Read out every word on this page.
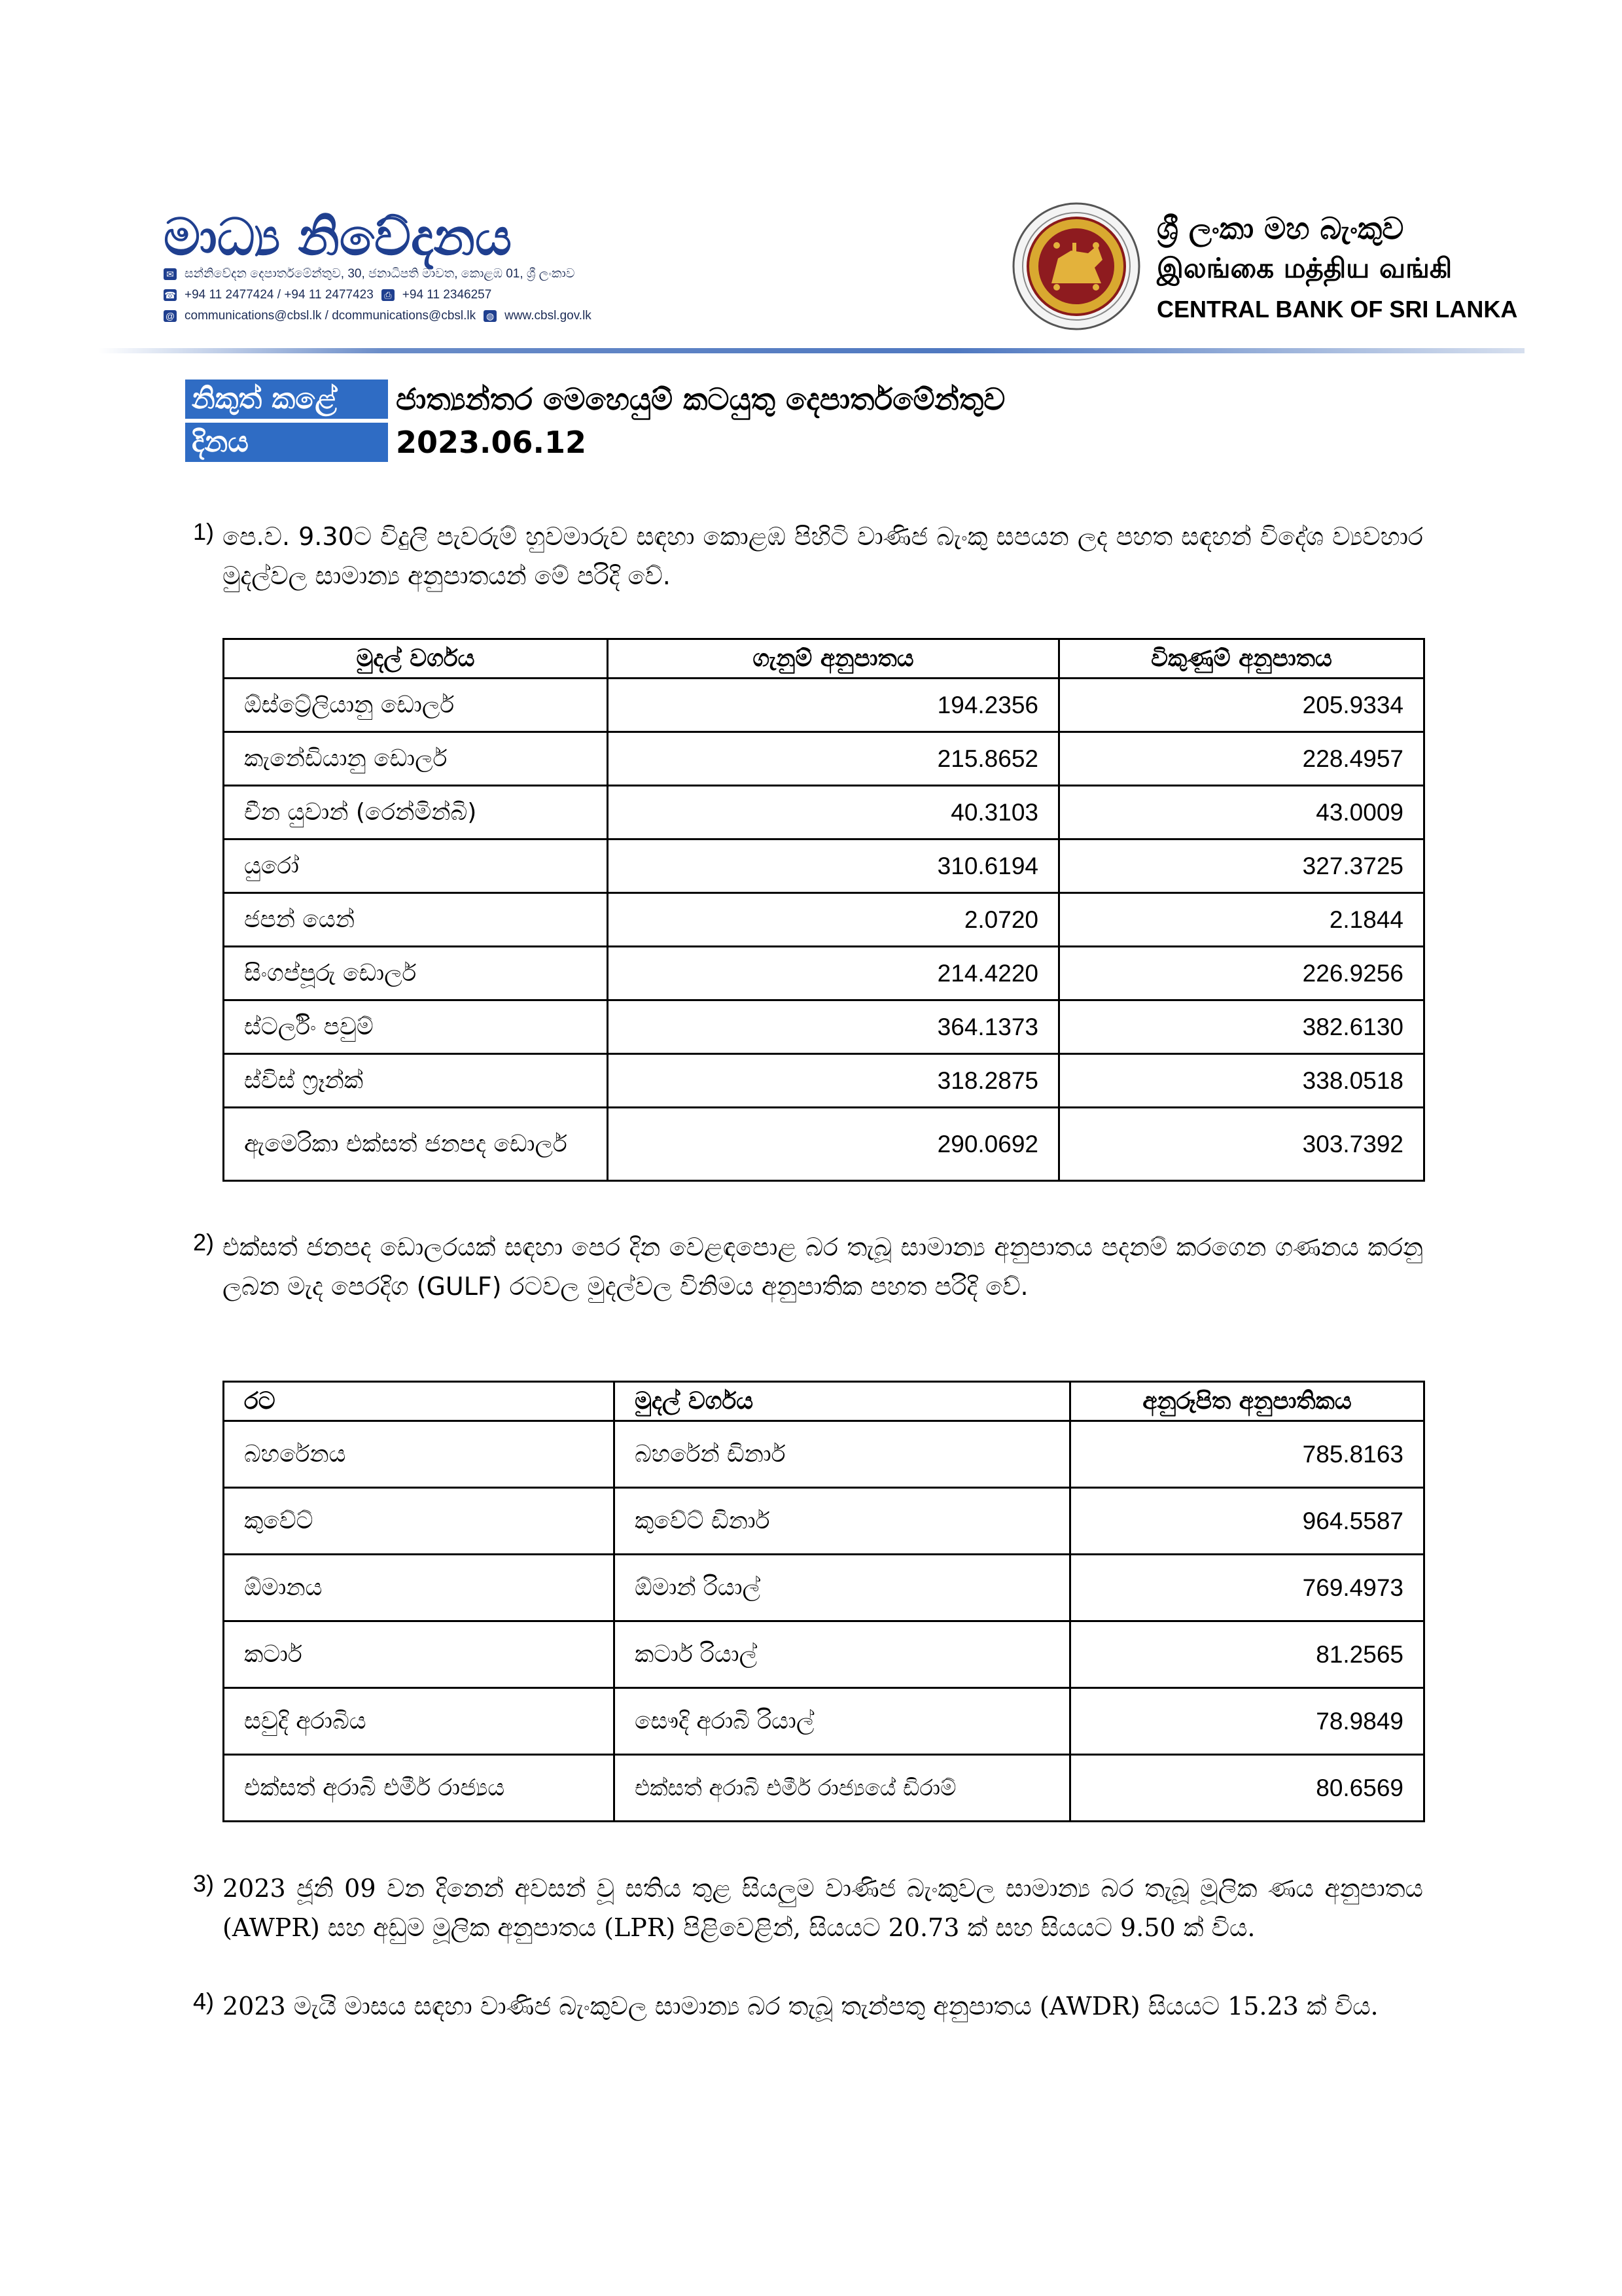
මාධ්‍ය නිවේදනය
✉ සන්නිවේදන දෙපාර්තමේන්තුව, 30, ජනාධිපති මාවත, කොළඹ 01, ශ්‍රී ලංකාව
☎ +94 11 2477424 / +94 11 2477423	⎙ +94 11 2346257
@ communications@cbsl.lk / dcommunications@cbsl.lk ◍ www.cbsl.gov.lk
ශ්‍රී ලංකා මහ බැංකුව
இலங்கை மத்திய வங்கி
CENTRAL BANK OF SRI LANKA
නිකුත් කළේ	ජාත්‍යන්තර මෙහෙයුම් කටයුතු දෙපාර්තමේන්තුව
දිනය	2023.06.12
1) පෙ.ව. 9.30ට විදුලි පැවරුම් හුවමාරුව සඳහා කොළඹ පිහිටි වාණිජ බැංකු සපයන ලද පහත සඳහන් විදේශ ව්‍යවහාර මුදල්වල සාමාන්‍ය අනුපාතයන් මේ පරිදි වේ.
මුදල් වර්ගය	ගැනුම් අනුපාතය	විකුණුම් අනුපාතය
ඕස්ට්‍රේලියානු ඩොලර්	194.2356	205.9334
කැනේඩියානු ඩොලර්	215.8652	228.4957
චීන යුවාන් (රෙන්මින්බි)	40.3103	43.0009
යුරෝ	310.6194	327.3725
ජපන් යෙන්	2.0720	2.1844
සිංගප්පූරු ඩොලර්	214.4220	226.9256
ස්ටර්ලිං පවුම්	364.1373	382.6130
ස්විස් ෆ්‍රෑන්ක්	318.2875	338.0518
ඇමෙරිකා එක්සත් ජනපද ඩොලර්	290.0692	303.7392
2) එක්සත් ජනපද ඩොලරයක් සඳහා පෙර දින වෙළඳපොළ බර තැබූ සාමාන්‍ය අනුපාතය පදනම් කරගෙන ගණනය කරනු ලබන මැද පෙරදිග (GULF) රටවල මුදල්වල විනිමය අනුපාතික පහත පරිදි වේ.
රට	මුදල් වර්ගය	අනුරූපිත අනුපාතිකය
බහරේනය	බහරේන් ඩිනාර්	785.8163
කුවේට්	කුවේට් ඩිනාර්	964.5587
ඕමානය	ඕමාන් රියාල්	769.4973
කටාර්	කටාර් රියාල්	81.2565
සවුදි අරාබිය	සෞදි අරාබි රියාල්	78.9849
එක්සත් අරාබි එමීර් රාජ්‍යය	එක්සත් අරාබි එමීර් රාජ්‍යයේ ඩිරාම්	80.6569
3) 2023 ජූනි 09 වන දිනෙන් අවසන් වූ සතිය තුළ සියලුම වාණිජ බැංකුවල සාමාන්‍ය බර තැබූ මූලික ණය අනුපාතය (AWPR) සහ අඩුම මූලික අනුපාතය (LPR) පිළිවෙළින්, සියයට 20.73 ක් සහ සියයට 9.50 ක් විය.
4) 2023 මැයි මාසය සඳහා වාණිජ බැංකුවල සාමාන්‍ය බර තැබූ තැන්පතු අනුපාතය (AWDR) සියයට 15.23 ක් විය.
